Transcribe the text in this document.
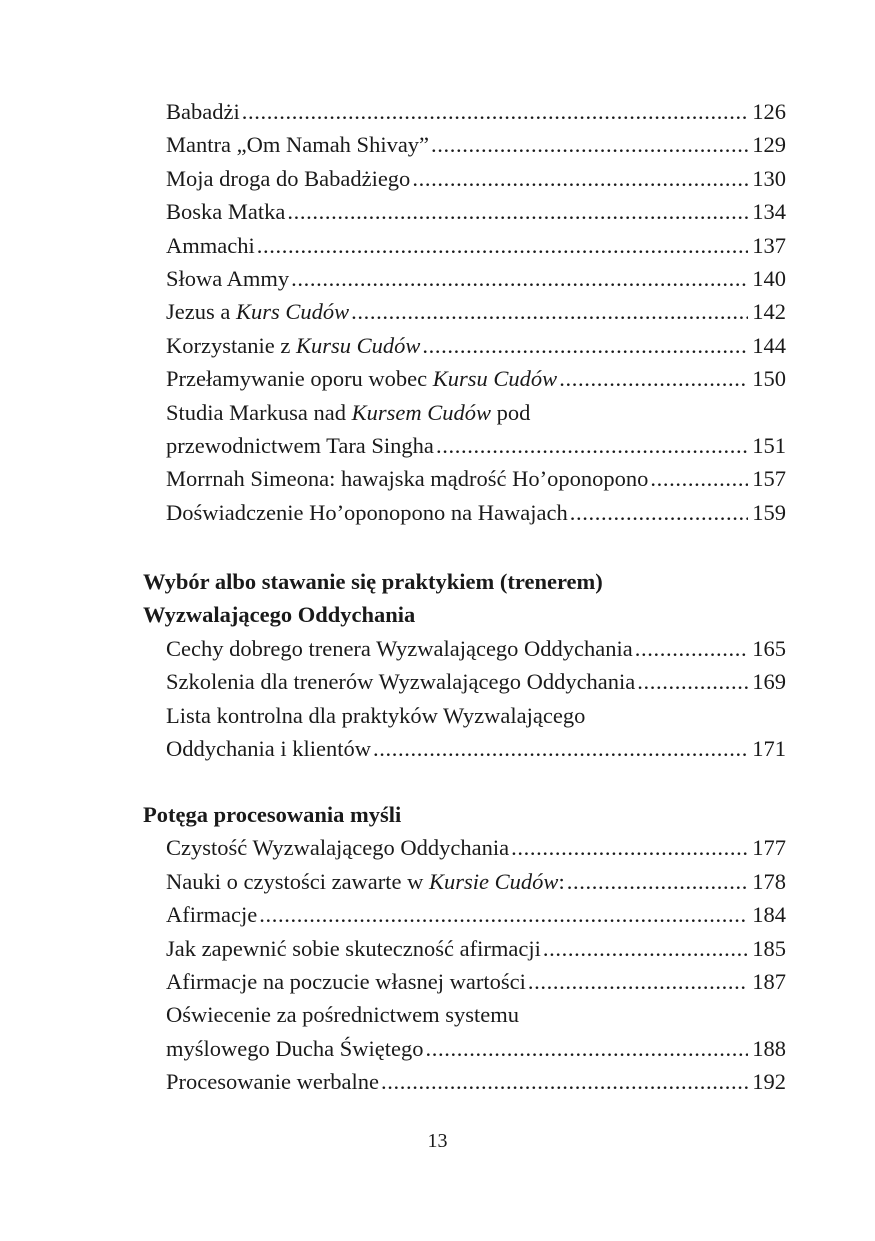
Babadżi . . .	126
Mantra „Om Namah Shivay” . . .	129
Moja droga do Babadżiego . . .	130
Boska Matka . . .	134
Ammachi . . .	137
Słowa Ammy . . .	140
Jezus a Kurs Cudów . . .	142
Korzystanie z Kursu Cudów . . .	144
Przełamywanie oporu wobec Kursu Cudów . . .	150
Studia Markusa nad Kursem Cudów pod
przewodnictwem Tara Singha . . .	151
Morrnah Simeona: hawajska mądrość Ho’oponopono . . .	157
Doświadczenie Ho’oponopono na Hawajach . . .	159
Wybór albo stawanie się praktykiem (trenerem)
Wyzwalającego Oddychania
Cechy dobrego trenera Wyzwalającego Oddychania . . .	165
Szkolenia dla trenerów Wyzwalającego Oddychania . . .	169
Lista kontrolna dla praktyków Wyzwalającego
Oddychania i klientów . . .	171
Potęga procesowania myśli
Czystość Wyzwalającego Oddychania . . .	177
Nauki o czystości zawarte w Kursie Cudów: . . .	178
Afirmacje . . .	184
Jak zapewnić sobie skuteczność afirmacji . . .	185
Afirmacje na poczucie własnej wartości . . .	187
Oświecenie za pośrednictwem systemu
myślowego Ducha Świętego . . .	188
Procesowanie werbalne . . .	192
13
